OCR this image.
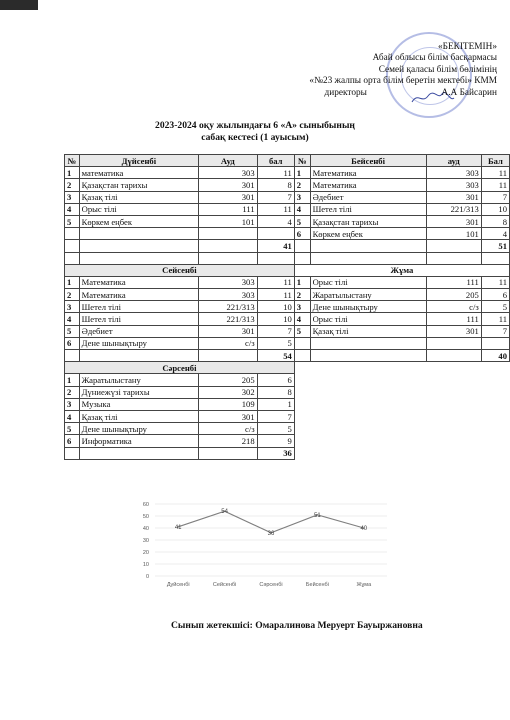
«БЕКІТЕМІН»
Абай облысы білім басқармасы
Семей қаласы білім бөлімінің
«№23 жалпы орта білім беретін мектебі» КММ
директоры	А.А Байсарин
2023-2024 оқу жылындағы 6 «А» сыныбының
сабақ кестесі (1 ауысым)
№	Дүйсенбі	Ауд	бал	№	Бейсенбі	ауд	Бал
1	математика	303	11	1	Математика	303	11
2	Қазақстан тарихы	301	8	2	Математика	303	11
3	Қазақ тілі	301	7	3	Әдебиет	301	7
4	Орыс тілі	111	11	4	Шетел тілі	221/313	10
5	Көркем еңбек	101	4	5	Қазақстан тарихы	301	8
				6	Көркем еңбек	101	4
			41				51

Сейсенбі				Жұма			
1	Математика	303	11	1	Орыс тілі	111	11
2	Математика	303	11	2	Жаратылыстану	205	6
3	Шетел тілі	221/313	10	3	Дене шынықтыру	с/з	5
4	Шетел тілі	221/313	10	4	Орыс тілі	111	11
5	Әдебиет	301	7	5	Қазақ тілі	301	7
6	Дене шынықтыру	с/з	5				
			54				40
Сәрсенбі							
1	Жаратылыстану	205	6				
2	Дүниежүзі тарихы	302	8				
3	Музыка	109	1				
4	Қазақ тілі	301	7				
5	Дене шынықтыру	с/з	5				
6	Информатика	218	9				
			36				
41
54
36
51
40
0
10
20
30
40
50
60
Дүйсенбі	Сейсенбі	Сәрсенбі	Бейсенбі	Жұма
Сынып жетекшісі: Омаралинова Меруерт Бауыржановна
